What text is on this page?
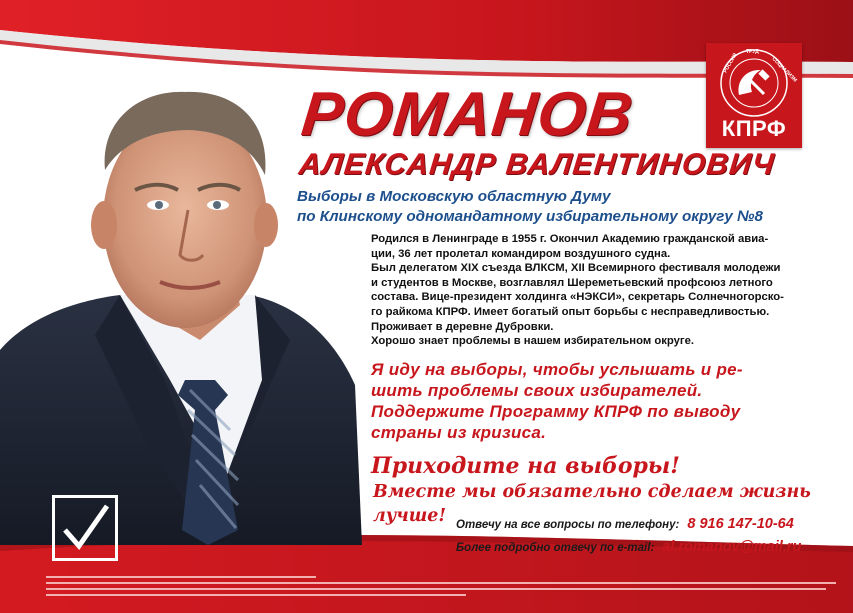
РОМАНОВ
АЛЕКСАНДР ВАЛЕНТИНОВИЧ
РОССИЯ
ТРУД
СОЦИАЛИЗМ
КПРФ
Выборы в Московскую областную Думу
по Клинскому одномандатному избирательному округу №8
Родился в Ленинграде в 1955 г. Окончил Академию гражданской авиа-
ции, 36 лет пролетал командиром воздушного судна.
Был делегатом XIX съезда ВЛКСМ, XII Всемирного фестиваля молодежи
и студентов в Москве, возглавлял Шереметьевский профсоюз летного
состава. Вице-президент холдинга «НЭКСИ», секретарь Солнечногорско-
го райкома КПРФ. Имеет богатый опыт борьбы с несправедливостью.
Проживает в деревне Дубровки.
Хорошо знает проблемы в нашем избирательном округе.
Я иду на выборы, чтобы услышать и ре-
шить проблемы своих избирателей.
Поддержите Программу КПРФ по выводу
страны из кризиса.
Приходите на выборы!
Вместе мы обязательно сделаем жизнь лучше! Отвечу на все вопросы по телефону: 8 916 147-10-64
Более подробно отвечу по e-mail: al.romanov@mail.ru
